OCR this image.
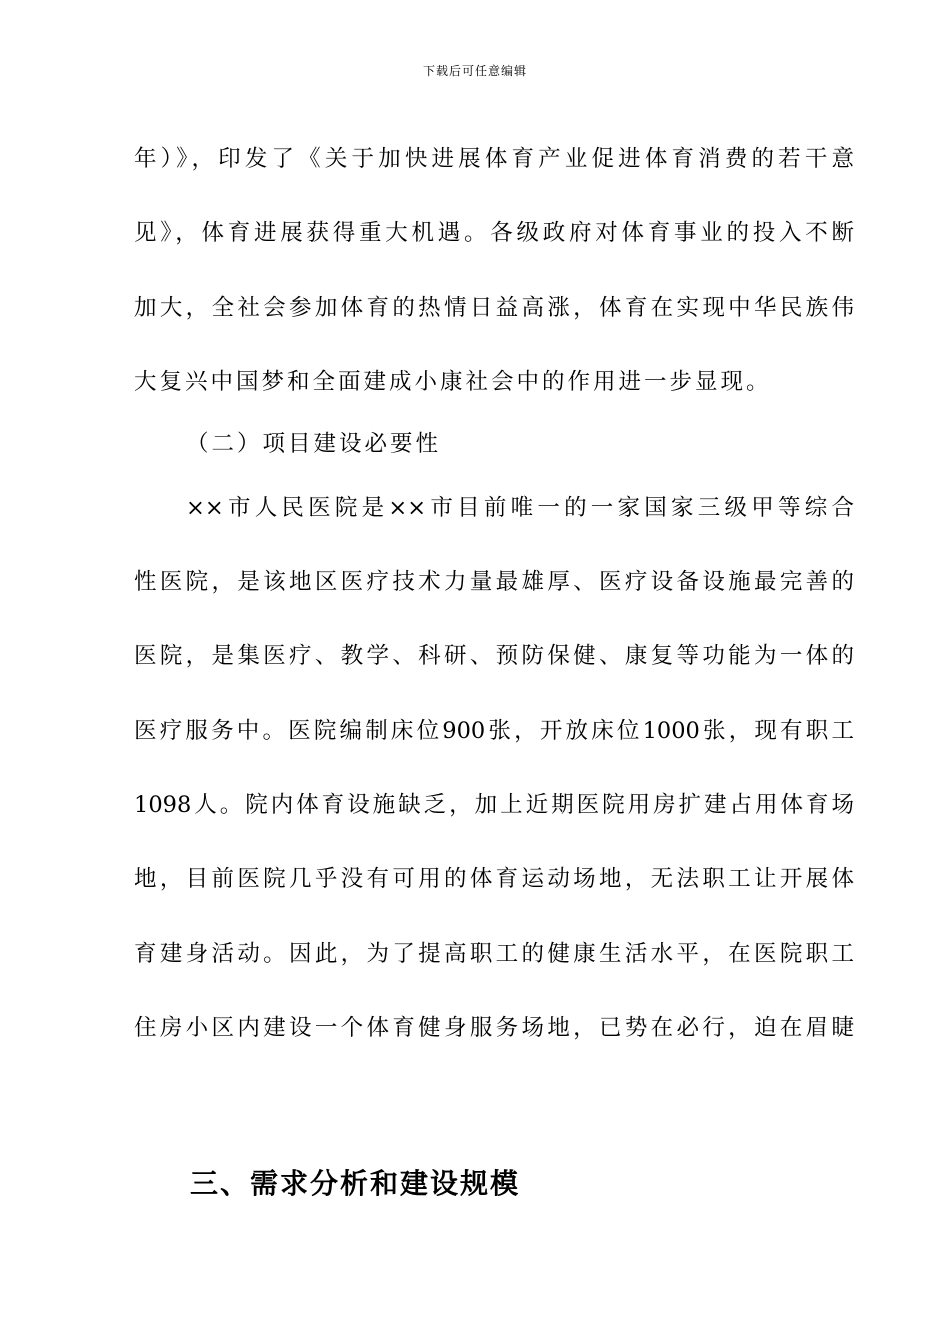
下载后可任意编辑
年）》，印发了《关于加快进展体育产业促进体育消费的若干意
见》，体育进展获得重大机遇。各级政府对体育事业的投入不断
加大，全社会参加体育的热情日益高涨，体育在实现中华民族伟
大复兴中国梦和全面建成小康社会中的作用进一步显现。
（二）项目建设必要性
××市人民医院是××市目前唯一的一家国家三级甲等综合
性医院，是该地区医疗技术力量最雄厚、医疗设备设施最完善的
医院，是集医疗、教学、科研、预防保健、康复等功能为一体的
医疗服务中。医院编制床位900张，开放床位1000张，现有职工
1098人。院内体育设施缺乏，加上近期医院用房扩建占用体育场
地，目前医院几乎没有可用的体育运动场地，无法职工让开展体
育建身活动。因此，为了提高职工的健康生活水平，在医院职工
住房小区内建设一个体育健身服务场地，已势在必行，迫在眉睫
三、需求分析和建设规模
